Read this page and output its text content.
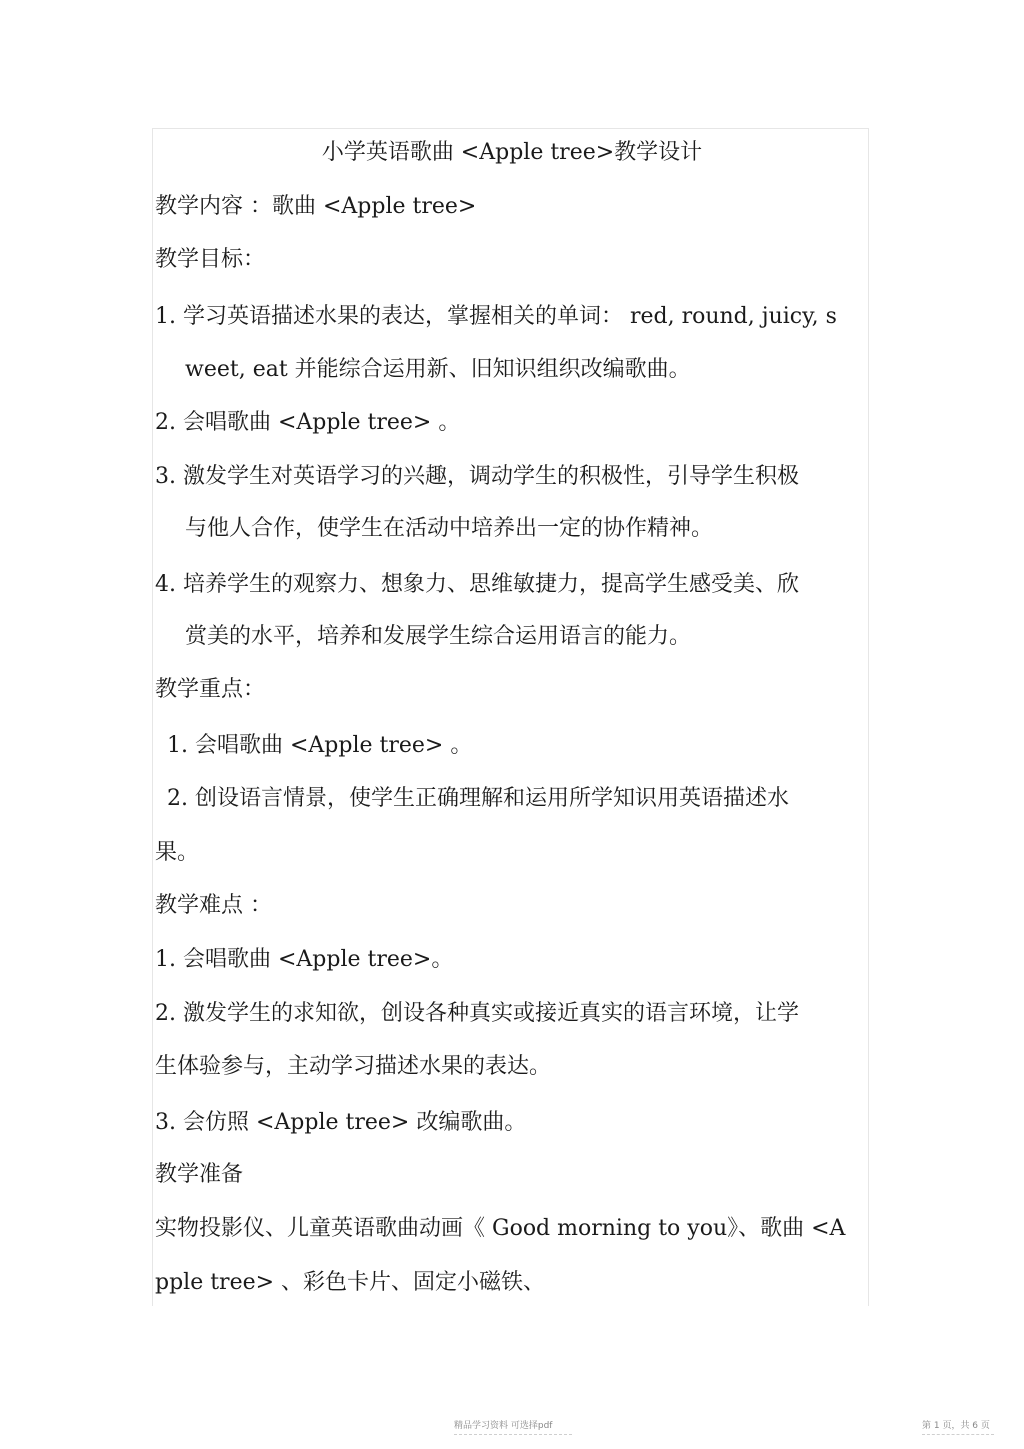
小学英语歌曲 <Apple tree>教学设计
教学内容 ：歌曲 <Apple tree>
教学目标：
1. 学习英语描述水果的表达，掌握相关的单词： red, round, juicy, s
weet, eat 并能综合运用新、旧知识组织改编歌曲。
2. 会唱歌曲 <Apple tree> 。
3. 激发学生对英语学习的兴趣，调动学生的积极性，引导学生积极
与他人合作，使学生在活动中培养出一定的协作精神。
4. 培养学生的观察力、想象力、思维敏捷力，提高学生感受美、欣
赏美的水平，培养和发展学生综合运用语言的能力。
教学重点：
1. 会唱歌曲 <Apple tree> 。
2. 创设语言情景，使学生正确理解和运用所学知识用英语描述水
果。
教学难点 ：
1. 会唱歌曲 <Apple tree>。
2. 激发学生的求知欲，创设各种真实或接近真实的语言环境，让学
生体验参与，主动学习描述水果的表达。
3. 会仿照 <Apple tree> 改编歌曲。
教学准备
实物投影仪、儿童英语歌曲动画《 Good morning to you》、歌曲 <A
pple tree> 、彩色卡片、固定小磁铁、
精品学习资料 可选择pdf	第 1 页，共 6 页
